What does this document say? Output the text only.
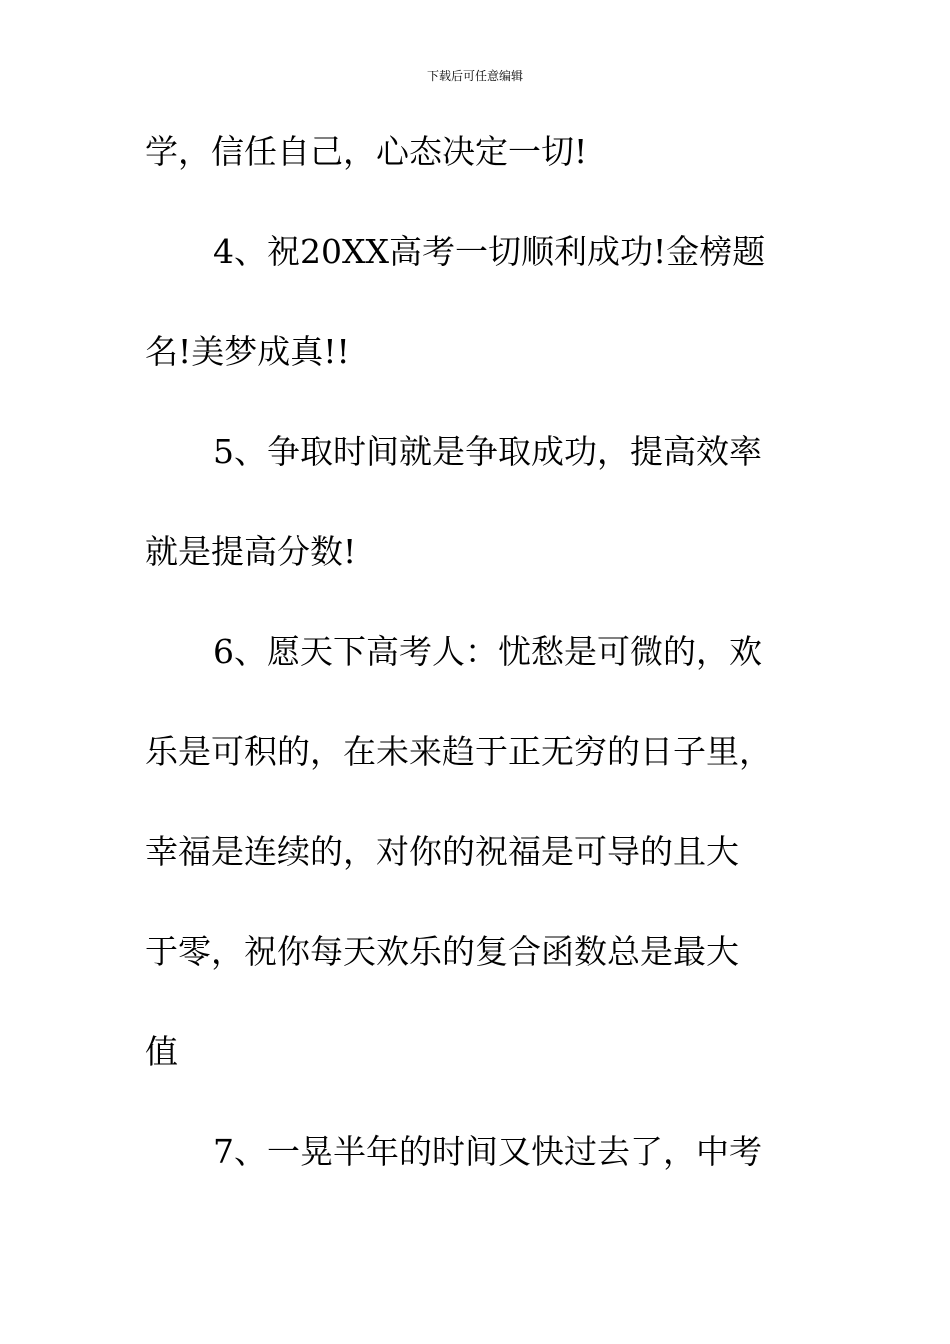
下载后可任意编辑
学，信任自己，心态决定一切!
4、祝20XX高考一切顺利成功!金榜题
名!美梦成真!!
5、争取时间就是争取成功，提高效率
就是提高分数!
6、愿天下高考人：忧愁是可微的，欢
乐是可积的，在未来趋于正无穷的日子里，
幸福是连续的，对你的祝福是可导的且大
于零，祝你每天欢乐的复合函数总是最大
值
7、一晃半年的时间又快过去了，中考
